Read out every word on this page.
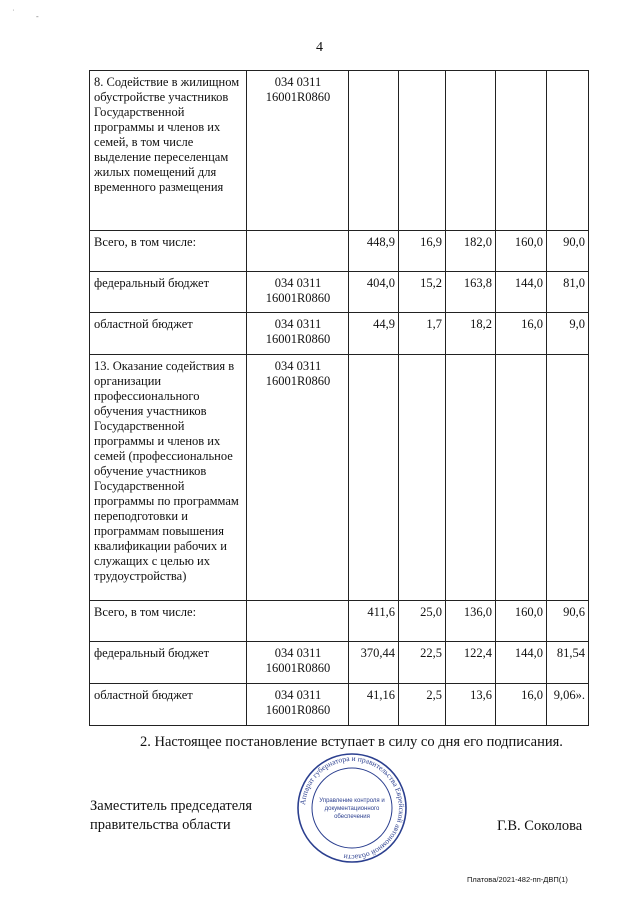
˙	-
4
8. Содействие в жилищном обустройстве участников Государственной программы и членов их семей, в том числе выделение переселенцам жилых помещений для временного размещения	034 0311 16001R0860					
Всего, в том числе:		448,9	16,9	182,0	160,0	90,0
федеральный бюджет	034 0311 16001R0860	404,0	15,2	163,8	144,0	81,0
областной бюджет	034 0311 16001R0860	44,9	1,7	18,2	16,0	9,0
13. Оказание содействия в организации профессионального обучения участников Государственной программы и членов их семей (профессиональное обучение участников Государственной программы по программам переподготовки и программам повышения квалификации рабочих и служащих с целью их трудоустройства)	034 0311 16001R0860					
Всего, в том числе:		411,6	25,0	136,0	160,0	90,6
федеральный бюджет	034 0311 16001R0860	370,44	22,5	122,4	144,0	81,54
областной бюджет	034 0311 16001R0860	41,16	2,5	13,6	16,0	9,06».
2. Настоящее постановление вступает в силу со дня его подписания.
Заместитель председателя
правительства области
Аппарат губернатора и правительства Еврейской автономной области
Управление контроля и
документационного
обеспечения
Г.В. Соколова
Платова/2021-482-пп-ДВП(1)
